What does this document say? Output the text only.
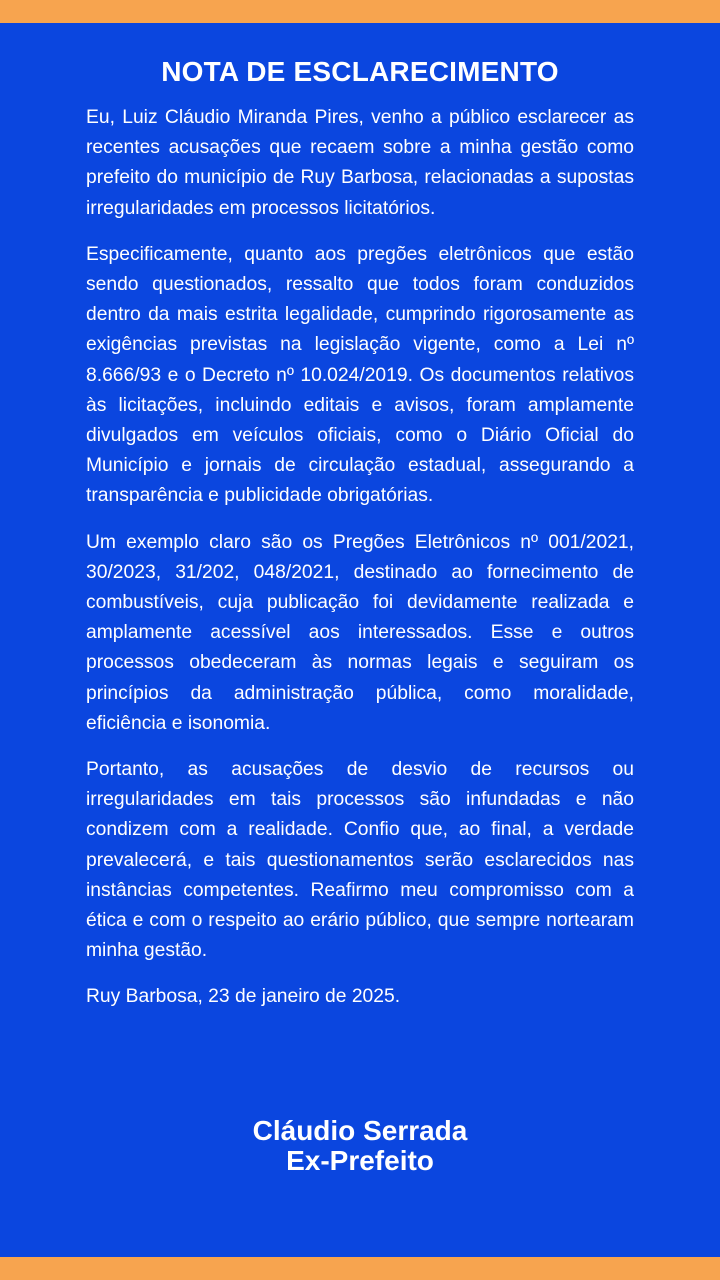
NOTA DE ESCLARECIMENTO

Eu, Luiz Cláudio Miranda Pires, venho a público esclarecer as recentes acusações que recaem sobre a minha gestão como prefeito do município de Ruy Barbosa, relacionadas a supostas irregularidades em processos licitatórios.

Especificamente, quanto aos pregões eletrônicos que estão sendo questionados, ressalto que todos foram conduzidos dentro da mais estrita legalidade, cumprindo rigorosamente as exigências previstas na legislação vigente, como a Lei nº 8.666/93 e o Decreto nº 10.024/2019. Os documentos relativos às licitações, incluindo editais e avisos, foram amplamente divulgados em veículos oficiais, como o Diário Oficial do Município e jornais de circulação estadual, assegurando a transparência e publicidade obrigatórias.

Um exemplo claro são os Pregões Eletrônicos nº 001/2021, 30/2023, 31/202, 048/2021, destinado ao fornecimento de combustíveis, cuja publicação foi devidamente realizada e amplamente acessível aos interessados. Esse e outros processos obedeceram às normas legais e seguiram os princípios da administração pública, como moralidade, eficiência e isonomia.

Portanto, as acusações de desvio de recursos ou irregularidades em tais processos são infundadas e não condizem com a realidade. Confio que, ao final, a verdade prevalecerá, e tais questionamentos serão esclarecidos nas instâncias competentes. Reafirmo meu compromisso com a ética e com o respeito ao erário público, que sempre nortearam minha gestão.

Ruy Barbosa, 23 de janeiro de 2025.

Cláudio Serrada
Ex-Prefeito
